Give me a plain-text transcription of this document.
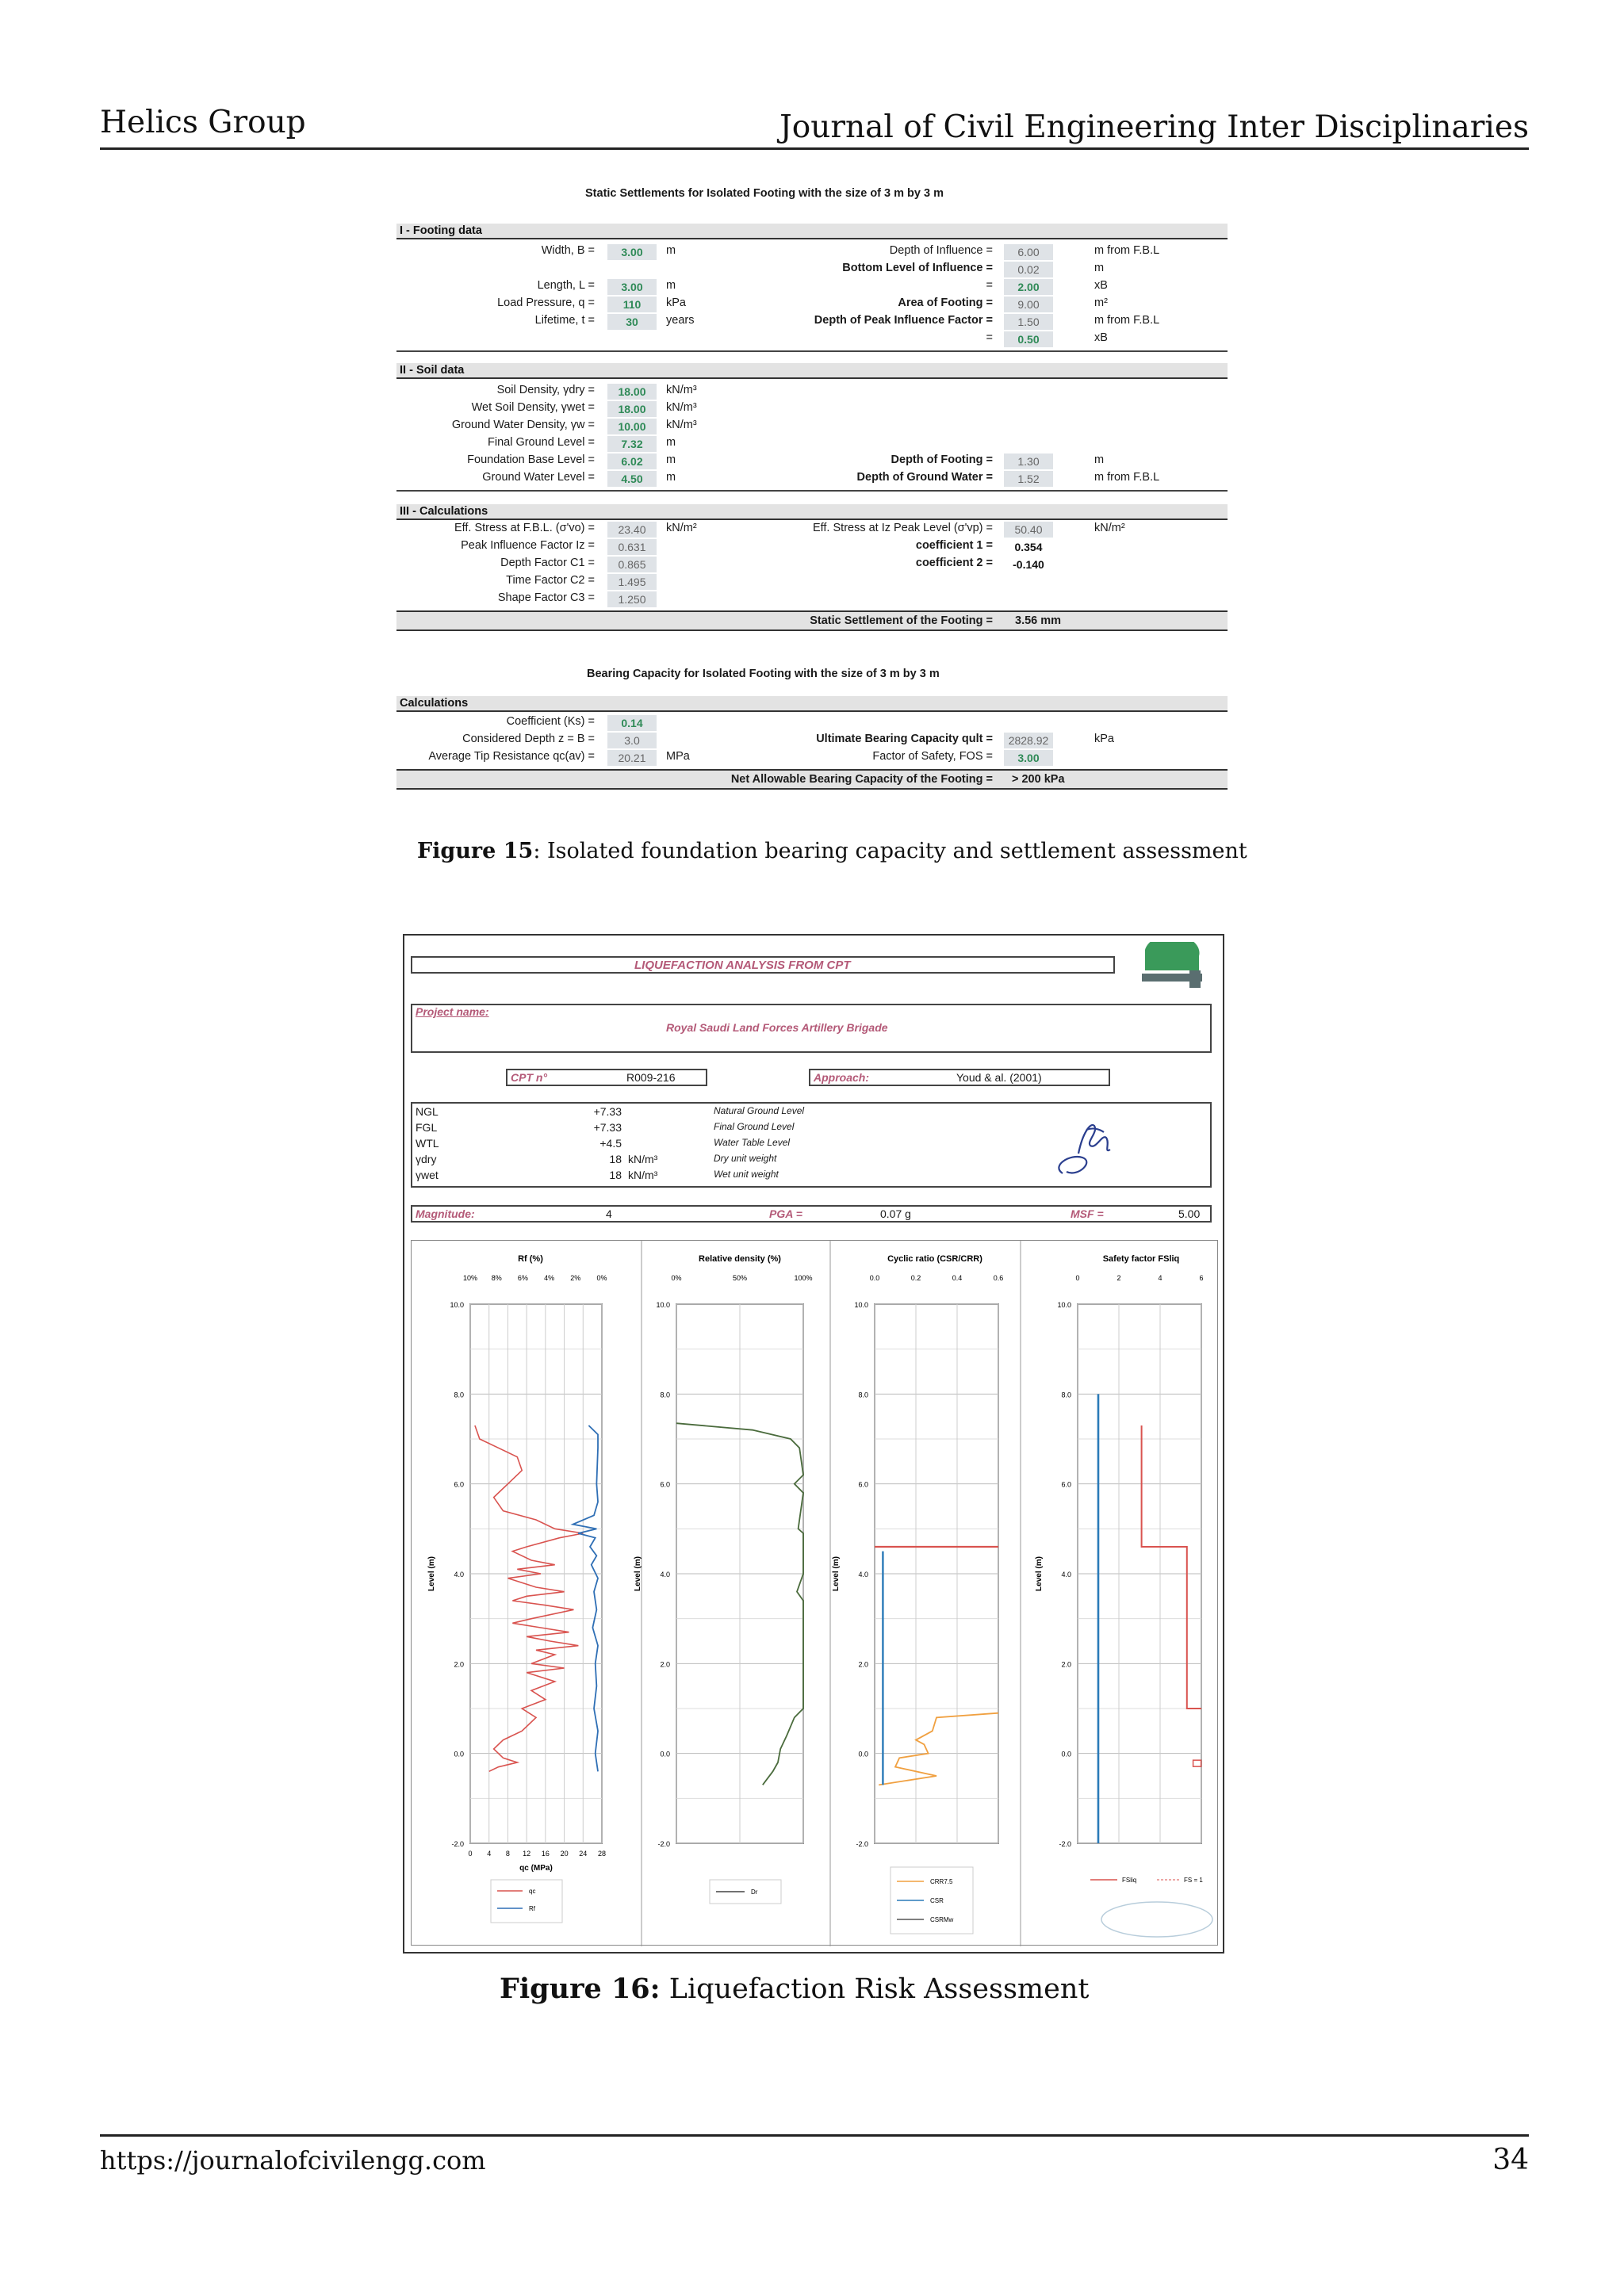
Helics Group	Journal of Civil Engineering Inter Disciplinaries
Static Settlements for Isolated Footing with the size of 3 m by 3 m
I - Footing data
Width, B =	3.00	m
Length, L =	3.00	m
Load Pressure, q =	110	kPa
Lifetime, t =	30	years
Depth of Influence =	6.00	m from F.B.L
Bottom Level of Influence =	0.02	m
=	2.00	xB
Area of Footing =	9.00	m²
Depth of Peak Influence Factor =	1.50	m from F.B.L
=	0.50	xB
II - Soil data
Soil Density, γdry =	18.00	kN/m³
Wet Soil Density, γwet =	18.00	kN/m³
Ground Water Density, γw =	10.00	kN/m³
Final Ground Level =	7.32	m
Foundation Base Level =	6.02	m
Ground Water Level =	4.50	m
Depth of Footing =	1.30	m
Depth of Ground Water =	1.52	m from F.B.L
III - Calculations
Eff. Stress at F.B.L. (σ'vo) =	23.40	kN/m²
Peak Influence Factor Iz =	0.631
Depth Factor C1 =	0.865
Time Factor C2 =	1.495
Shape Factor C3 =	1.250
Eff. Stress at Iz Peak Level (σ'vp) =	50.40	kN/m²
coefficient 1 =	0.354
coefficient 2 =	-0.140
Static Settlement of the Footing = 3.56 mm
Bearing Capacity for Isolated Footing with the size of 3 m by 3 m
Calculations
Coefficient (Ks) =	0.14
Considered Depth z = B =	3.0
Average Tip Resistance qc(av) =	20.21	MPa
Ultimate Bearing Capacity qult =	2828.92	kPa
Factor of Safety, FOS =	3.00
Net Allowable Bearing Capacity of the Footing = > 200 kPa
Figure 15: Isolated foundation bearing capacity and settlement assessment
LIQUEFACTION ANALYSIS FROM CPT
Project name:
Royal Saudi Land Forces Artillery Brigade
CPT n°	R009-216	Approach:	Youd & al. (2001)
NGL	+7.33	Natural Ground Level
FGL	+7.33	Final Ground Level
WTL	+4.5	Water Table Level
γdry	18 kN/m³	Dry unit weight
γwet	18 kN/m³	Wet unit weight
Magnitude:	4	PGA =	0.07 g	MSF =	5.00
Rf (%)
10.0
8.0
6.0
4.0
2.0
0.0
-2.0
Level (m)
Relative density (%)
10.0
8.0
6.0
4.0
2.0
0.0
-2.0
Level (m)
Cyclic ratio (CSR/CRR)
10.0
8.0
6.0
4.0
2.0
0.0
-2.0
Level (m)
Safety factor FSliq
10.0
8.0
6.0
4.0
2.0
0.0
-2.0
Level (m)
10% 8% 6% 4% 2% 0%
0 4 8 12 16 20 24 28
qc (MPa)
qc
Rf
0%	50%	100%
Dr
0.0	0.2	0.4	0.6
CRR7.5
CSR
CSRMw
0	2	4	6
FSliq	FS = 1
Figure 16: Liquefaction Risk Assessment
https://journalofcivilengg.com	34
